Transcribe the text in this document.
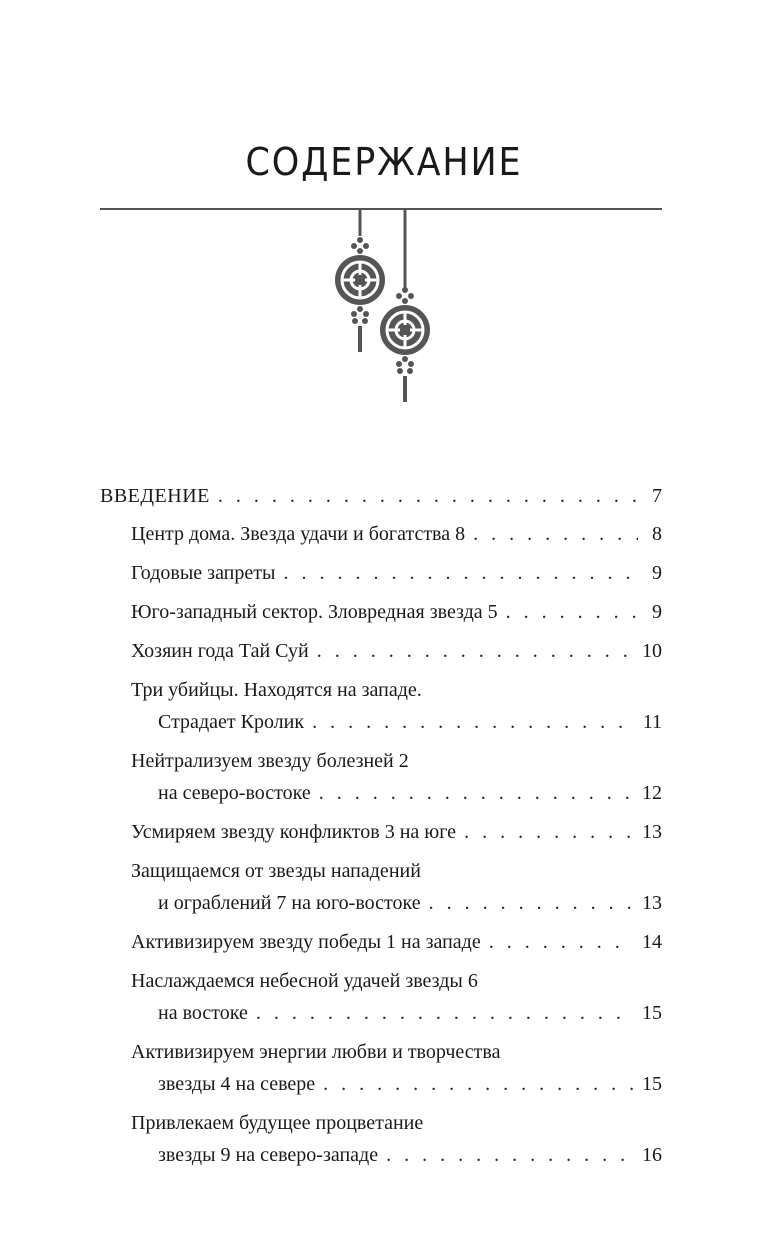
СОДЕРЖАНИЕ
ВВЕДЕНИЕ . . .	7
Центр дома. Звезда удачи и богатства 8 . . .	8
Годовые запреты . . .	9
Юго-западный сектор. Зловредная звезда 5 . . .	9
Хозяин года Тай Суй . . .	10
Три убийцы. Находятся на западе.
Страдает Кролик . . .	11
Нейтрализуем звезду болезней 2
на северо-востоке . . .	12
Усмиряем звезду конфликтов 3 на юге . . .	13
Защищаемся от звезды нападений
и ограблений 7 на юго-востоке . . .	13
Активизируем звезду победы 1 на западе . . .	14
Наслаждаемся небесной удачей звезды 6
на востоке . . .	15
Активизируем энергии любви и творчества
звезды 4 на севере . . .	15
Привлекаем будущее процветание
звезды 9 на северо-западе . . .	16
